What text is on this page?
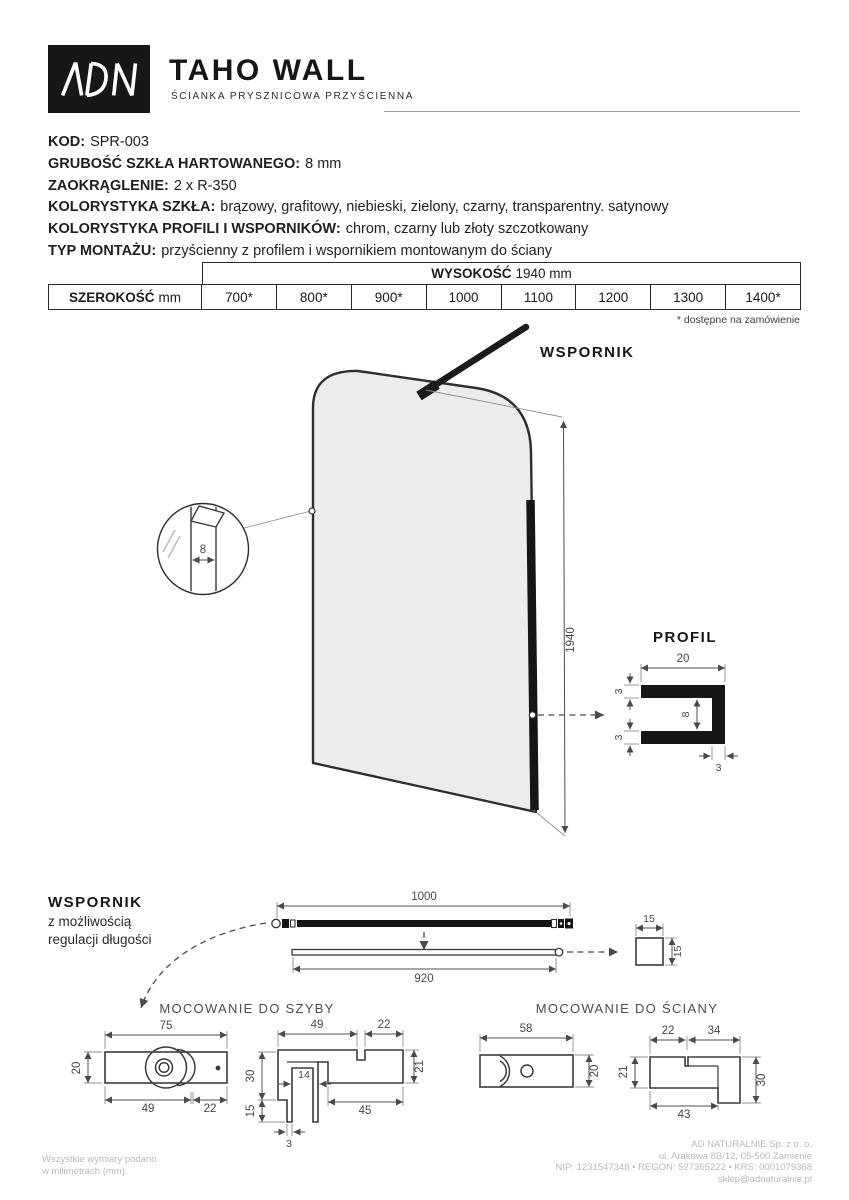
TAHO WALL
ŚCIANKA PRYSZNICOWA PRZYŚCIENNA
KOD: SPR-003
GRUBOŚĆ SZKŁA HARTOWANEGO: 8 mm
ZAOKRĄGLENIE: 2 x R-350
KOLORYSTYKA SZKŁA: brązowy, grafitowy, niebieski, zielony, czarny, transparentny. satynowy
KOLORYSTYKA PROFILI I WSPORNIKÓW: chrom, czarny lub złoty szczotkowany
TYP MONTAŻU: przyścienny z profilem i wspornikiem montowanym do ściany
WYSOKOŚĆ 1940 mm
SZEROKOŚĆ mm	700*	800*	900*	1000	1100	1200	1300	1400*
* dostępne na zamówienie
WSPORNIK
1940
8
PROFIL
20
3
8
3
3
WSPORNIK
z możliwością
regulacji długości
1000
920
15
15
MOCOWANIE DO SZYBY
75
20
49	22
49	22
30
15
14
3
45
21
MOCOWANIE DO ŚCIANY
58
20
22	34
21
43
30
Wszystkie wymiary podano
w milimetrach (mm).
AD NATURALNIE Sp. z o. o.
ul. Arakowa 8B/12, 05-500 Zamienie
NIP: 1231547348 • REGON: 527365222 • KRS: 0001079368
sklep@adnaturalnie.pl
